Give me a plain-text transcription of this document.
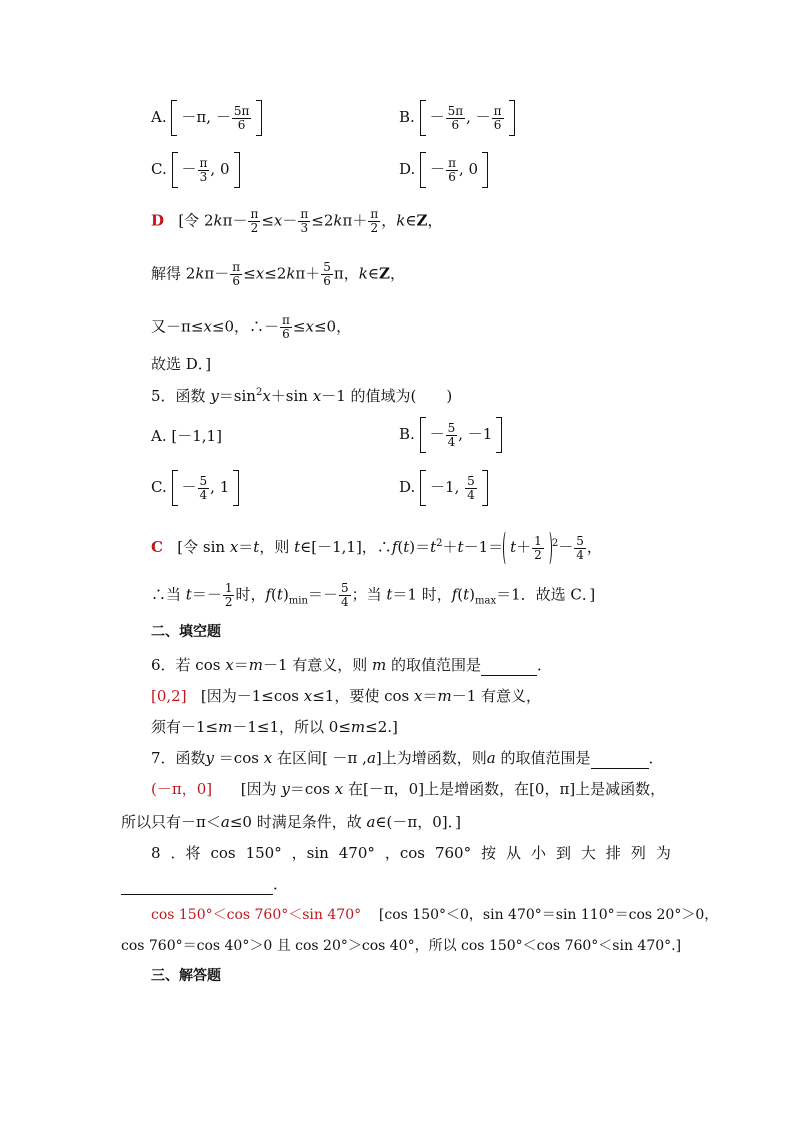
A. －π, － $\frac{5\pi}{6}$	B. － $\frac{5\pi}{6}$ , － $\frac{\pi}{6}$
C. － $\frac{\pi}{3}$ , 0	D. － $\frac{\pi}{6}$ , 0
D [令 $2k\pi- \frac{\pi}{2} \le x- \frac{\pi}{3} \le 2k\pi+ \frac{\pi}{2}$ ，k∈Z，
解得 $2k\pi- \frac{\pi}{6} \le x\le 2k\pi+ \frac{5}{6}$ π，k∈Z，
又－π≤x≤0，∴－ $\frac{\pi}{6} \le x\le 0$，
故选 D．]
5．函数 $y=\sin^2x+\sin$ x－1 的值域为(　　)
A. [－1,1]	B. － $\frac{5}{4}$ , －1
C. － $\frac{5}{4}$ , 1	D. －1, $\frac{5}{4}$
C [令 sin x＝t，则 t∈[－1,1]，$\therefore f(t)=t^2+t-1= t+ \frac{1}{2} ^2- \frac{5}{4}$ ，
∴当 $t=- \frac{1}{2}$ 时，$f(t)_{min}=- \frac{5}{4}$ ；当 t＝1 时，$f(t)_{max}=1$．故选 C．]
二、填空题
6．若 cos x＝m－1 有意义，则 m 的取值范围是	．
[0,2] [因为－1≤cos x≤1，要使 cos x＝m－1 有意义，
须有－1≤m－1≤1，所以 0≤m≤2.]
7．函数y ＝cos x 在区间[ －π ,a]上为增函数，则a 的取值范围是	．
(－π，0] [因为 y＝cos x 在[－π，0]上是增函数，在[0，π]上是减函数，
所以只有－π＜a≤0 时满足条件，故 a∈(－π，0]．]
8 ．将 cos 150° ，sin 470° ，cos 760° 按 从 小 到 大 排 列 为
．
cos 150°＜cos 760°＜sin 470° [cos 150°＜0，sin 470°＝sin 110°＝cos 20°＞0，
cos 760°＝cos 40°＞0 且 cos 20°＞cos 40°，所以 cos 150°＜cos 760°＜sin 470°.]
三、解答题
